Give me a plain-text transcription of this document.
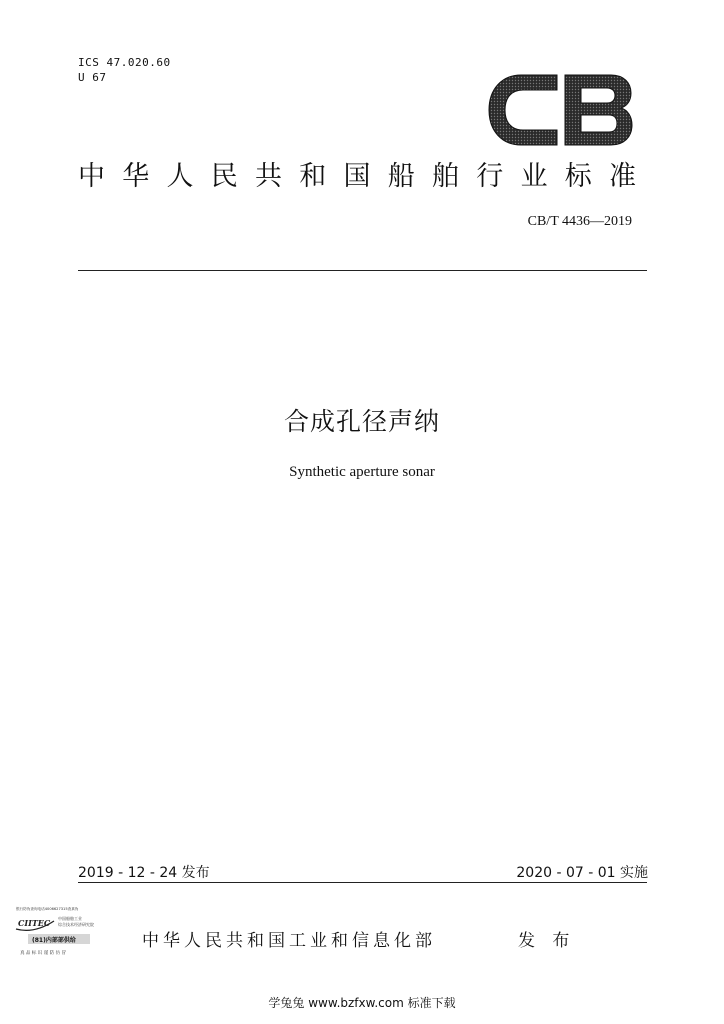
ICS 47.020.60
U 67
中华人民共和国船舶行业标准
CB/T 4436—2019
合成孔径声纳
Synthetic aperture sonar
2019 - 12 - 24 发布	2020 - 07 - 01 实施
银行防伪查询电话4006627315查真伪
CIITEC 中国船舶工业
综合技术经济研究院
(81)内部部供给
真 品 标 识 谨 防 仿 冒
中华人民共和国工业和信息化部	发 布
学兔兔 www.bzfxw.com 标准下载
